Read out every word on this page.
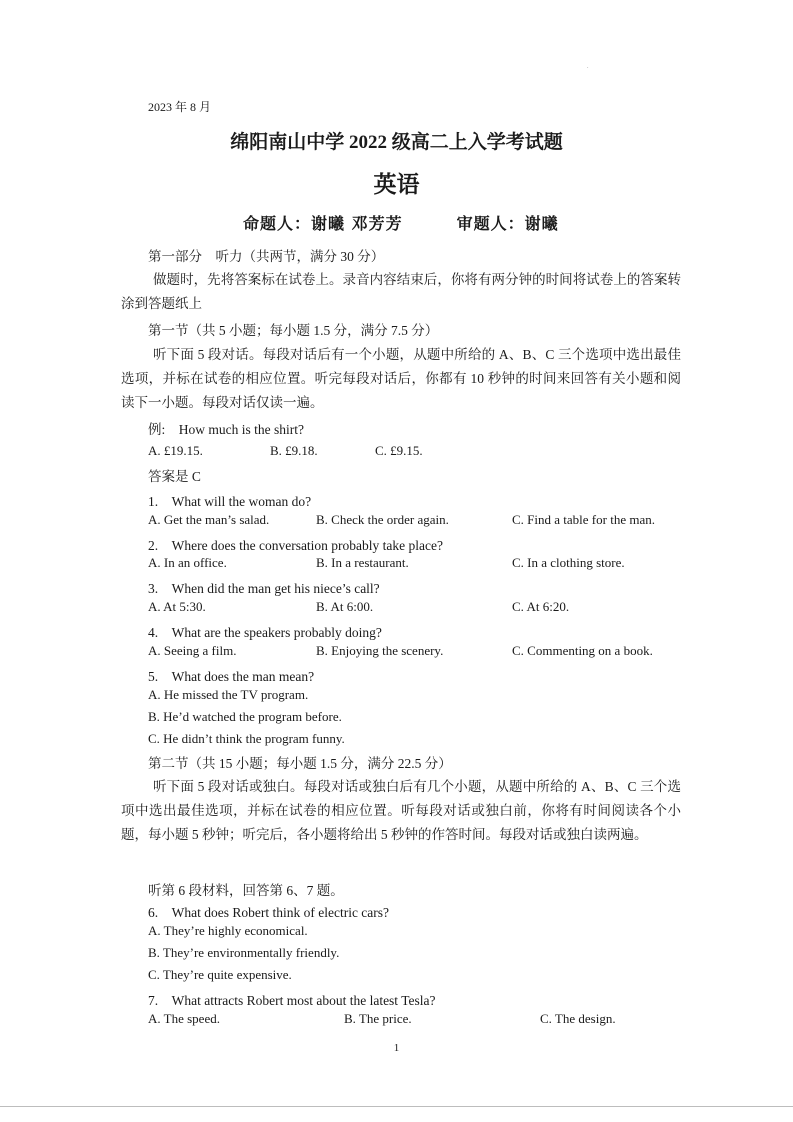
.
2023 年 8 月
绵阳南山中学 2022 级高二上入学考试题
英语
命题人：谢曦 邓芳芳	审题人：谢曦
第一部分　听力（共两节，满分 30 分）
做题时，先将答案标在试卷上。录音内容结束后，你将有两分钟的时间将试卷上的答案转涂到答题纸上
第一节（共 5 小题；每小题 1.5 分，满分 7.5 分）
听下面 5 段对话。每段对话后有一个小题，从题中所给的 A、B、C 三个选项中选出最佳选项，并标在试卷的相应位置。听完每段对话后，你都有 10 秒钟的时间来回答有关小题和阅读下一小题。每段对话仅读一遍。
例:　How much is the shirt?
A. £19.15.	B. £9.18.	C. £9.15.
答案是 C
1.　What will the woman do?
A. Get the man’s salad.	B. Check the order again.	C. Find a table for the man.
2.　Where does the conversation probably take place?
A. In an office.	B. In a restaurant.	C. In a clothing store.
3.　When did the man get his niece’s call?
A. At 5:30.	B. At 6:00.	C. At 6:20.
4.　What are the speakers probably doing?
A. Seeing a film.	B. Enjoying the scenery.	C. Commenting on a book.
5.　What does the man mean?
A. He missed the TV program.
B. He’d watched the program before.
C. He didn’t think the program funny.
第二节（共 15 小题；每小题 1.5 分，满分 22.5 分）
听下面 5 段对话或独白。每段对话或独白后有几个小题，从题中所给的 A、B、C 三个选项中选出最佳选项，并标在试卷的相应位置。听每段对话或独白前，你将有时间阅读各个小题，每小题 5 秒钟；听完后，各小题将给出 5 秒钟的作答时间。每段对话或独白读两遍。
听第 6 段材料，回答第 6、7 题。
6.　What does Robert think of electric cars?
A. They’re highly economical.
B. They’re environmentally friendly.
C. They’re quite expensive.
7.　What attracts Robert most about the latest Tesla?
A. The speed.	B. The price.	C. The design.
1
